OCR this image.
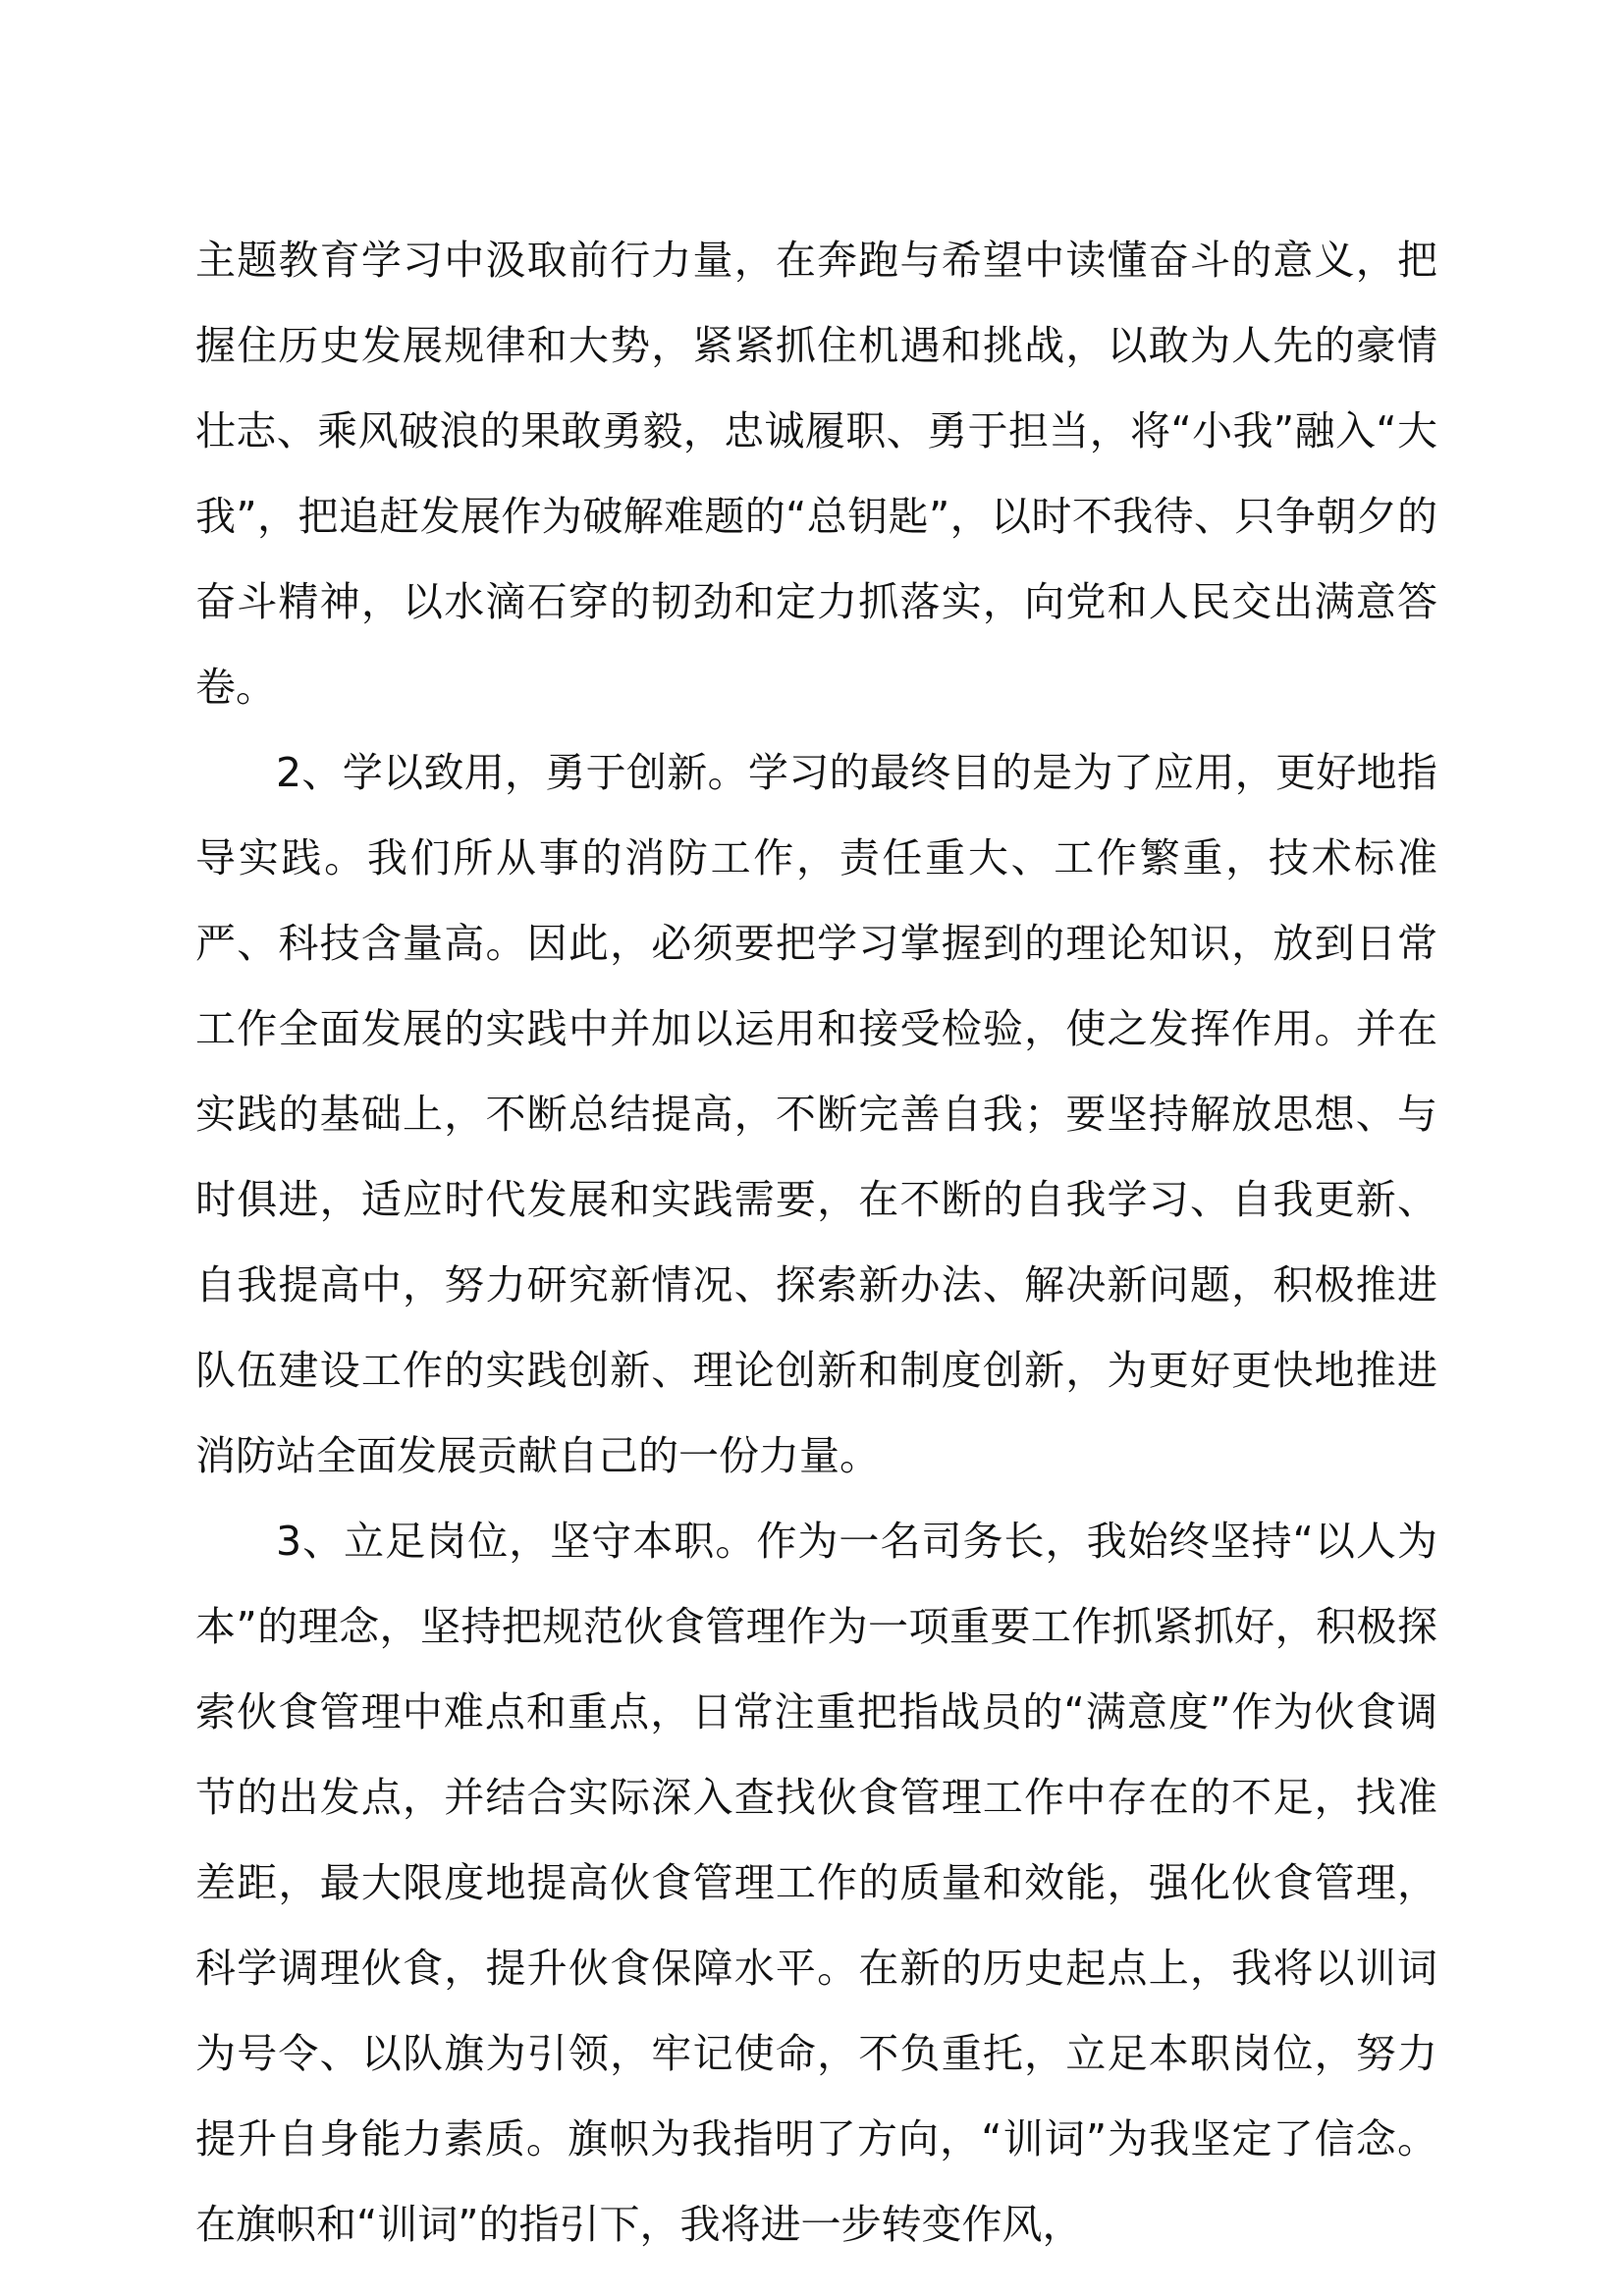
主题教育学习中汲取前行力量，在奔跑与希望中读懂奋斗的意义，把握住历史发展规律和大势，紧紧抓住机遇和挑战，以敢为人先的豪情壮志、乘风破浪的果敢勇毅，忠诚履职、勇于担当，将“小我”融入“大我”，把追赶发展作为破解难题的“总钥匙”，以时不我待、只争朝夕的奋斗精神，以水滴石穿的韧劲和定力抓落实，向党和人民交出满意答卷。

2、学以致用，勇于创新。学习的最终目的是为了应用，更好地指导实践。我们所从事的消防工作，责任重大、工作繁重，技术标准严、科技含量高。因此，必须要把学习掌握到的理论知识，放到日常工作全面发展的实践中并加以运用和接受检验，使之发挥作用。并在实践的基础上，不断总结提高，不断完善自我；要坚持解放思想、与时俱进，适应时代发展和实践需要，在不断的自我学习、自我更新、自我提高中，努力研究新情况、探索新办法、解决新问题，积极推进队伍建设工作的实践创新、理论创新和制度创新，为更好更快地推进消防站全面发展贡献自己的一份力量。

3、立足岗位，坚守本职。作为一名司务长，我始终坚持“以人为本”的理念，坚持把规范伙食管理作为一项重要工作抓紧抓好，积极探索伙食管理中难点和重点，日常注重把指战员的“满意度”作为伙食调节的出发点，并结合实际深入查找伙食管理工作中存在的不足，找准差距，最大限度地提高伙食管理工作的质量和效能，强化伙食管理，科学调理伙食，提升伙食保障水平。在新的历史起点上，我将以训词为号令、以队旗为引领，牢记使命，不负重托，立足本职岗位，努力提升自身能力素质。旗帜为我指明了方向，“训词”为我坚定了信念。在旗帜和“训词”的指引下，我将进一步转变作风，
